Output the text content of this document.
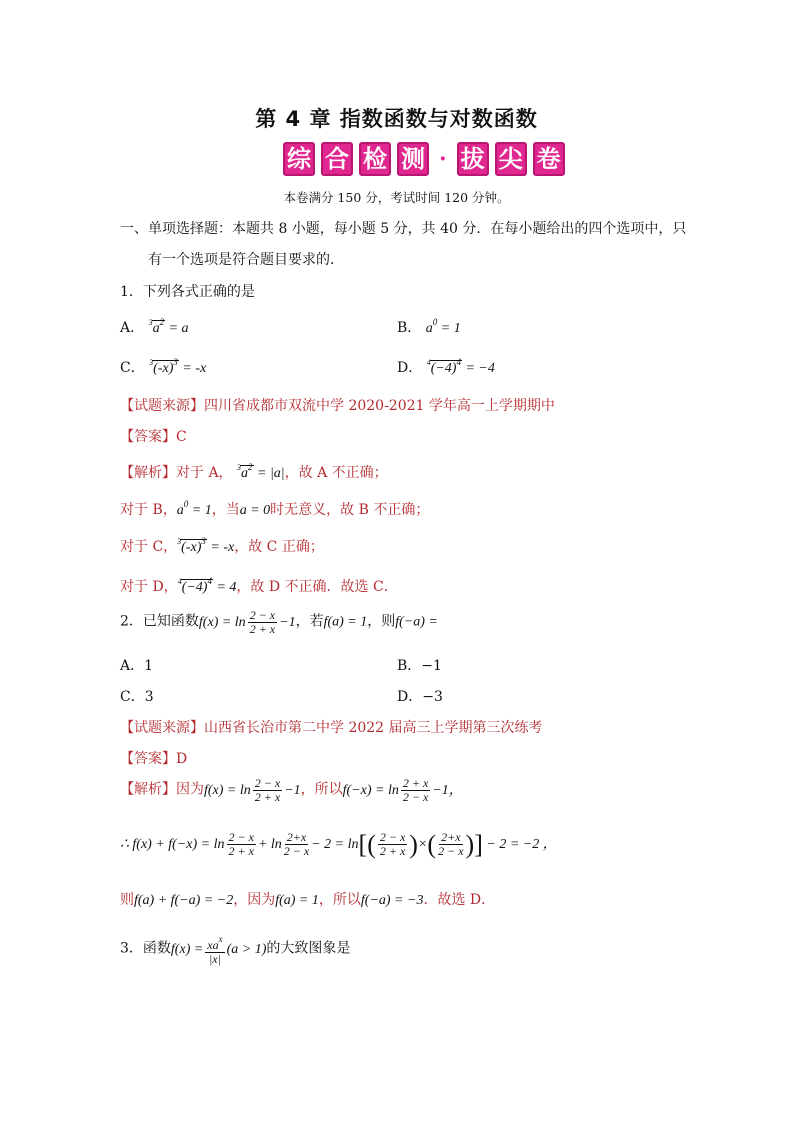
第 4 章 指数函数与对数函数
综 合 检 测 · 拔 尖 卷
本卷满分 150 分，考试时间 120 分钟。
一、单项选择题：本题共 8 小题，每小题 5 分，共 40 分．在每小题给出的四个选项中，只
有一个选项是符合题目要求的．
1．下列各式正确的是
A． $^3a^2 = a$	B． $a^0 = 1$
C． $^3(-x)^3 = -x$	D． $^4(-4)^4 = -4$
【试题来源】四川省成都市双流中学 2020-2021 学年高一上学期期中
【答案】C
【解析】对于 A， $^3a^2 = |a|$，故 A 不正确；
对于 B，$a^0 = 1$，当a = 0时无意义，故 B 不正确；
对于 C，$^3(-x)^3 = -x$，故 C 正确；
对于 D，$^4(-4)^4 = 4$，故 D 不正确．故选 C．
2．已知函数$f(x) = \ln \frac{2 - x}{2 + x} -1$，若f(a) = 1，则f(−a) =
A．1	B．−1
C．3	D．−3
【试题来源】山西省长治市第二中学 2022 届高三上学期第三次练考
【答案】D
【解析】因为$f(x) = \ln \frac{2 - x}{2 + x} -1$，所以$f(-x) = \ln \frac{2 + x}{2 - x} -1$，
∴ $f(x) + f(-x) = \ln \frac{2 - x}{2 + x} + \ln \frac{2+x}{2 - x} - 2 = \ln[( \frac{2 - x}{2 + x}$ )×( $\frac{2+x}{2 - x}$ )] − 2 = −2 ，
则f(a) + f(−a) = −2，因为f(a) = 1，所以f(−a) = −3．故选 D．
3．函数$f(x) = \frac{xa^x}{|x|} (a > 1)$的大致图象是
